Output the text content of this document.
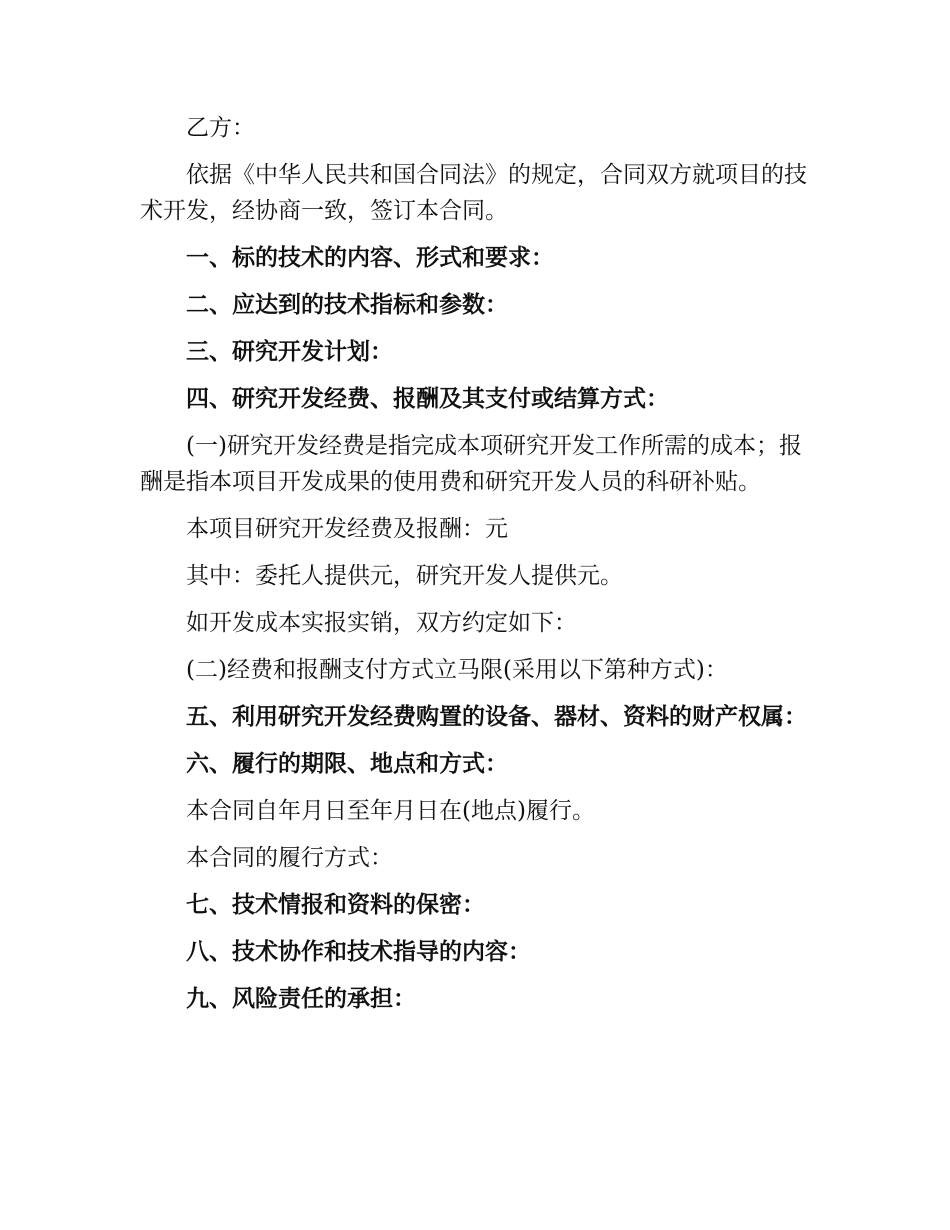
乙方：

依据《中华人民共和国合同法》的规定，合同双方就项目的技术开发，经协商一致，签订本合同。

一、标的技术的内容、形式和要求：

二、应达到的技术指标和参数：

三、研究开发计划：

四、研究开发经费、报酬及其支付或结算方式：

(一)研究开发经费是指完成本项研究开发工作所需的成本；报酬是指本项目开发成果的使用费和研究开发人员的科研补贴。

本项目研究开发经费及报酬：元

其中：委托人提供元，研究开发人提供元。

如开发成本实报实销，双方约定如下：

(二)经费和报酬支付方式立马限(采用以下第种方式)：

五、利用研究开发经费购置的设备、器材、资料的财产权属：

六、履行的期限、地点和方式：

本合同自年月日至年月日在(地点)履行。

本合同的履行方式：

七、技术情报和资料的保密：

八、技术协作和技术指导的内容：

九、风险责任的承担：
